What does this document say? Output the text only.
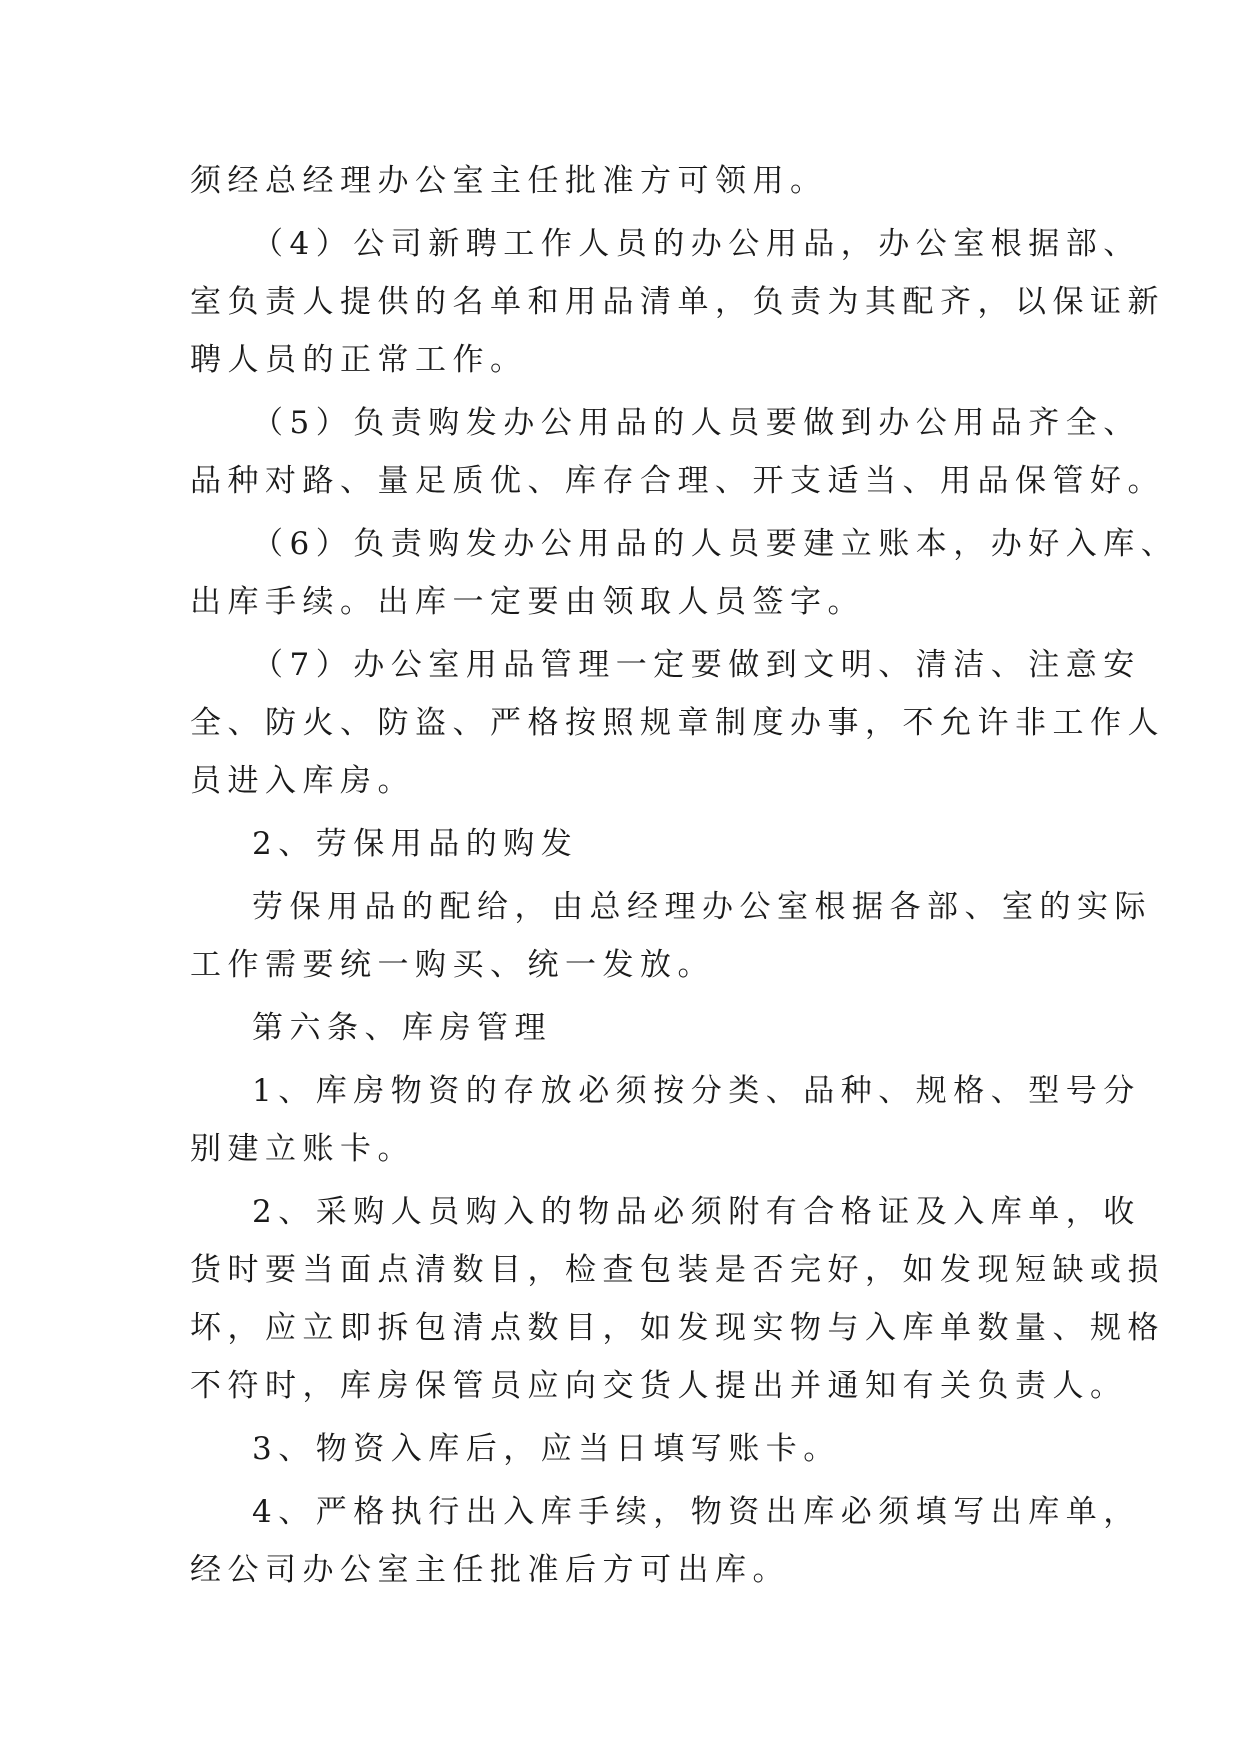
须经总经理办公室主任批准方可领用。
（4）公司新聘工作人员的办公用品，办公室根据部、
室负责人提供的名单和用品清单，负责为其配齐，以保证新
聘人员的正常工作。
（5）负责购发办公用品的人员要做到办公用品齐全、
品种对路、量足质优、库存合理、开支适当、用品保管好。
（6）负责购发办公用品的人员要建立账本，办好入库、
出库手续。出库一定要由领取人员签字。
（7）办公室用品管理一定要做到文明、清洁、注意安
全、防火、防盗、严格按照规章制度办事，不允许非工作人
员进入库房。
2、劳保用品的购发
劳保用品的配给，由总经理办公室根据各部、室的实际
工作需要统一购买、统一发放。
第六条、库房管理
1、库房物资的存放必须按分类、品种、规格、型号分
别建立账卡。
2、采购人员购入的物品必须附有合格证及入库单，收
货时要当面点清数目，检查包装是否完好，如发现短缺或损
坏，应立即拆包清点数目，如发现实物与入库单数量、规格
不符时，库房保管员应向交货人提出并通知有关负责人。
3、物资入库后，应当日填写账卡。
4、严格执行出入库手续，物资出库必须填写出库单，
经公司办公室主任批准后方可出库。
